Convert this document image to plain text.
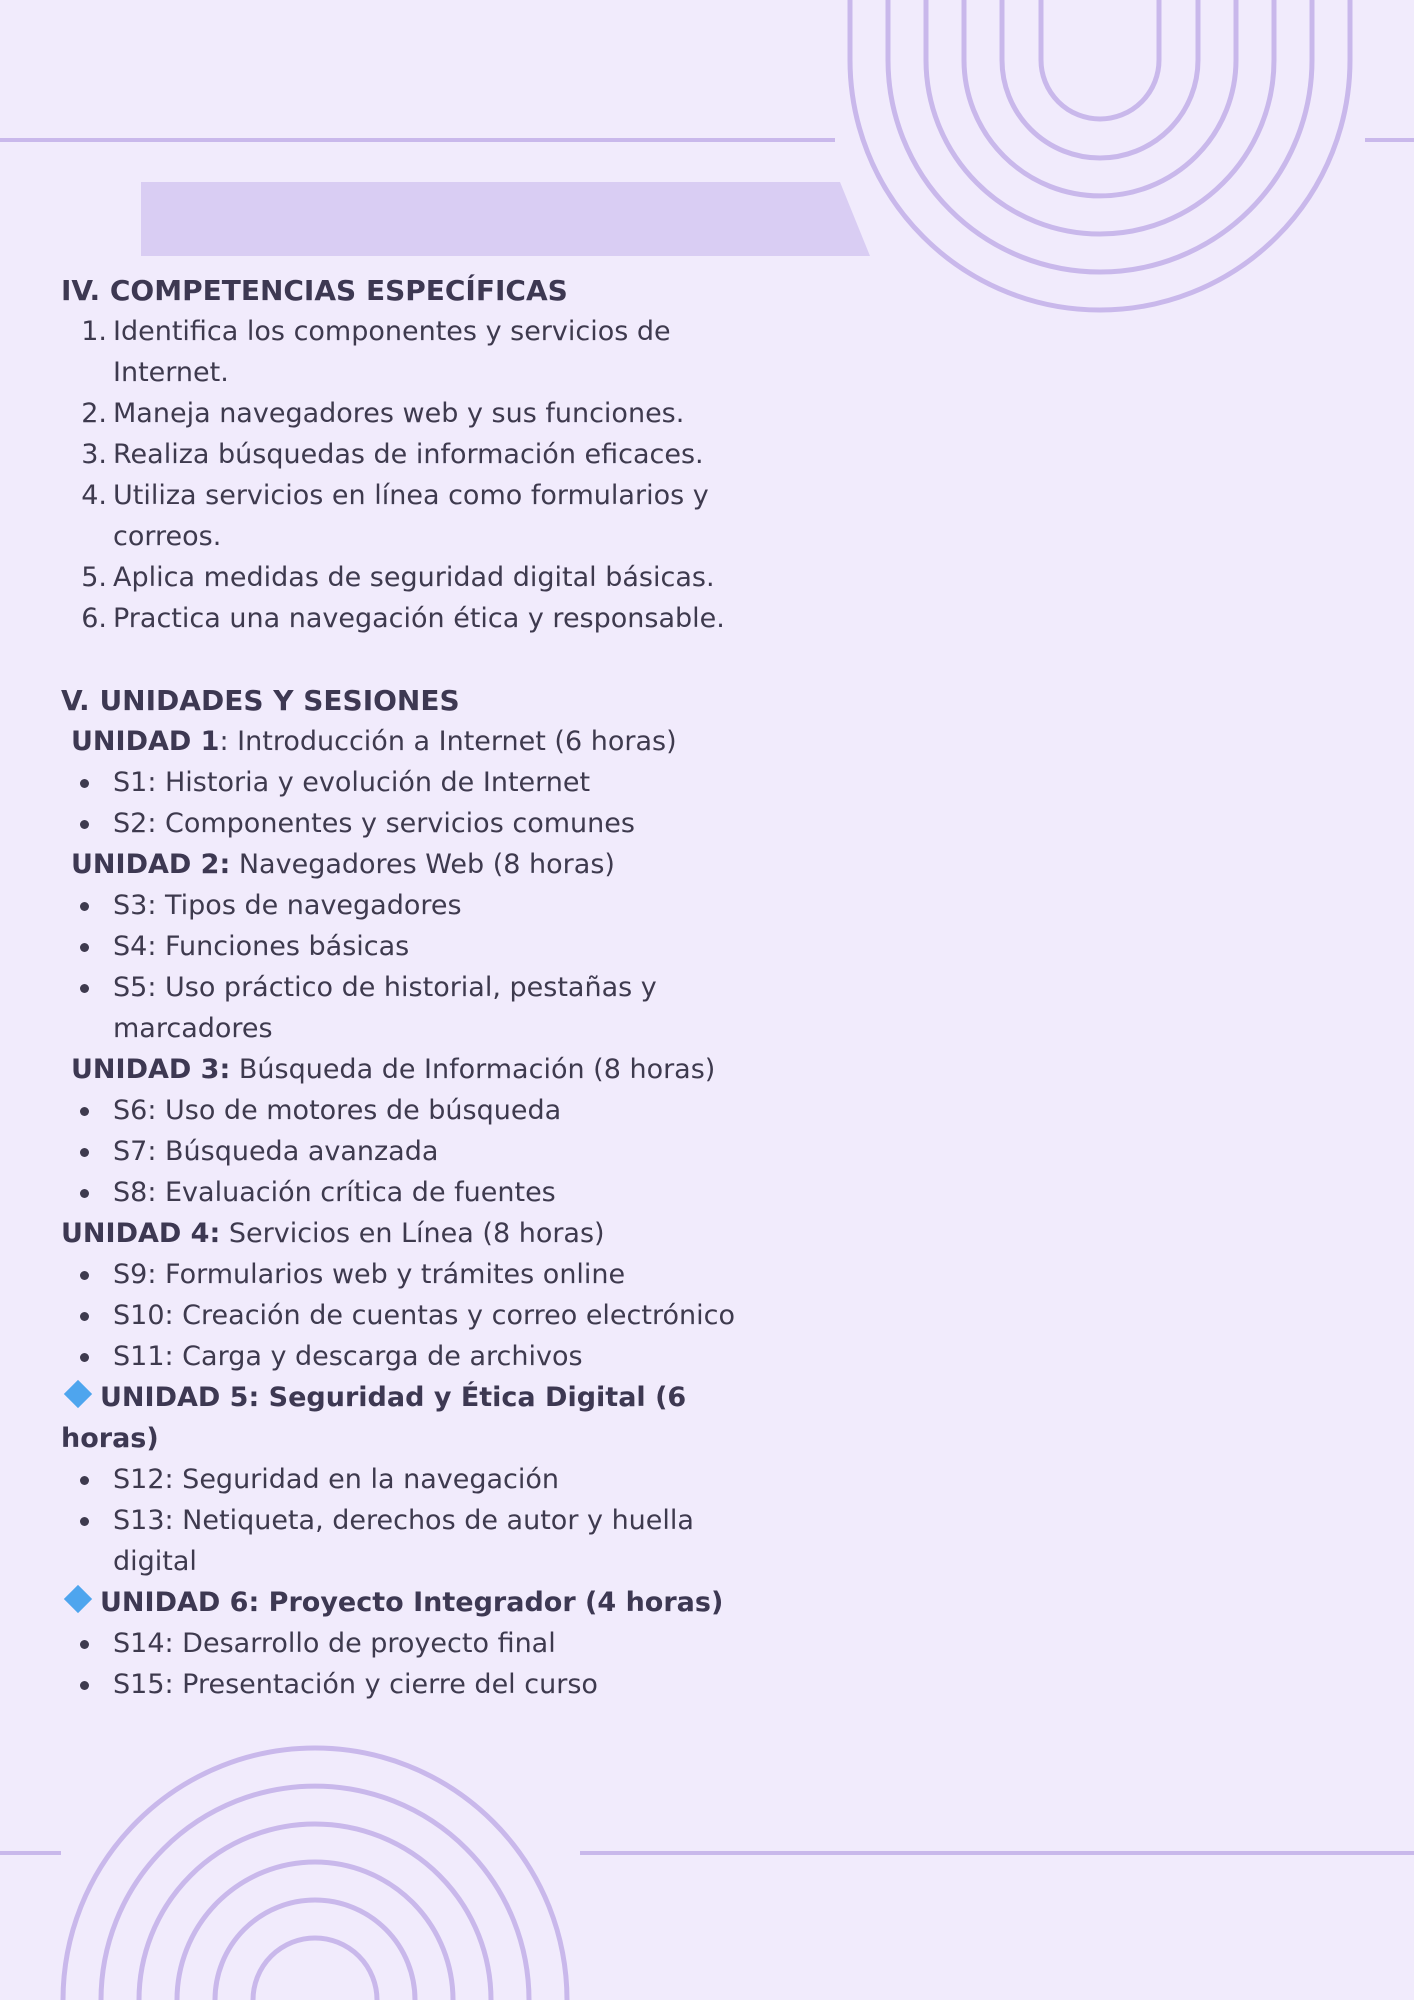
IV. COMPETENCIAS ESPECÍFICAS
1. Identifica los componentes y servicios de Internet.
2. Maneja navegadores web y sus funciones.
3. Realiza búsquedas de información eficaces.
4. Utiliza servicios en línea como formularios y correos.
5. Aplica medidas de seguridad digital básicas.
6. Practica una navegación ética y responsable.
V. UNIDADES Y SESIONES

UNIDAD 1: Introducción a Internet (6 horas)

S1: Historia y evolución de Internet
S2: Componentes y servicios comunes

UNIDAD 2: Navegadores Web (8 horas)

S3: Tipos de navegadores
S4: Funciones básicas
S5: Uso práctico de historial, pestañas y marcadores

UNIDAD 3: Búsqueda de Información (8 horas)

S6: Uso de motores de búsqueda
S7: Búsqueda avanzada
S8: Evaluación crítica de fuentes

UNIDAD 4: Servicios en Línea (8 horas)

S9: Formularios web y trámites online
S10: Creación de cuentas y correo electrónico
S11: Carga y descarga de archivos

UNIDAD 5: Seguridad y Ética Digital (6 horas)

S12: Seguridad en la navegación
S13: Netiqueta, derechos de autor y huella digital

UNIDAD 6: Proyecto Integrador (4 horas)

S14: Desarrollo de proyecto final
S15: Presentación y cierre del curso
